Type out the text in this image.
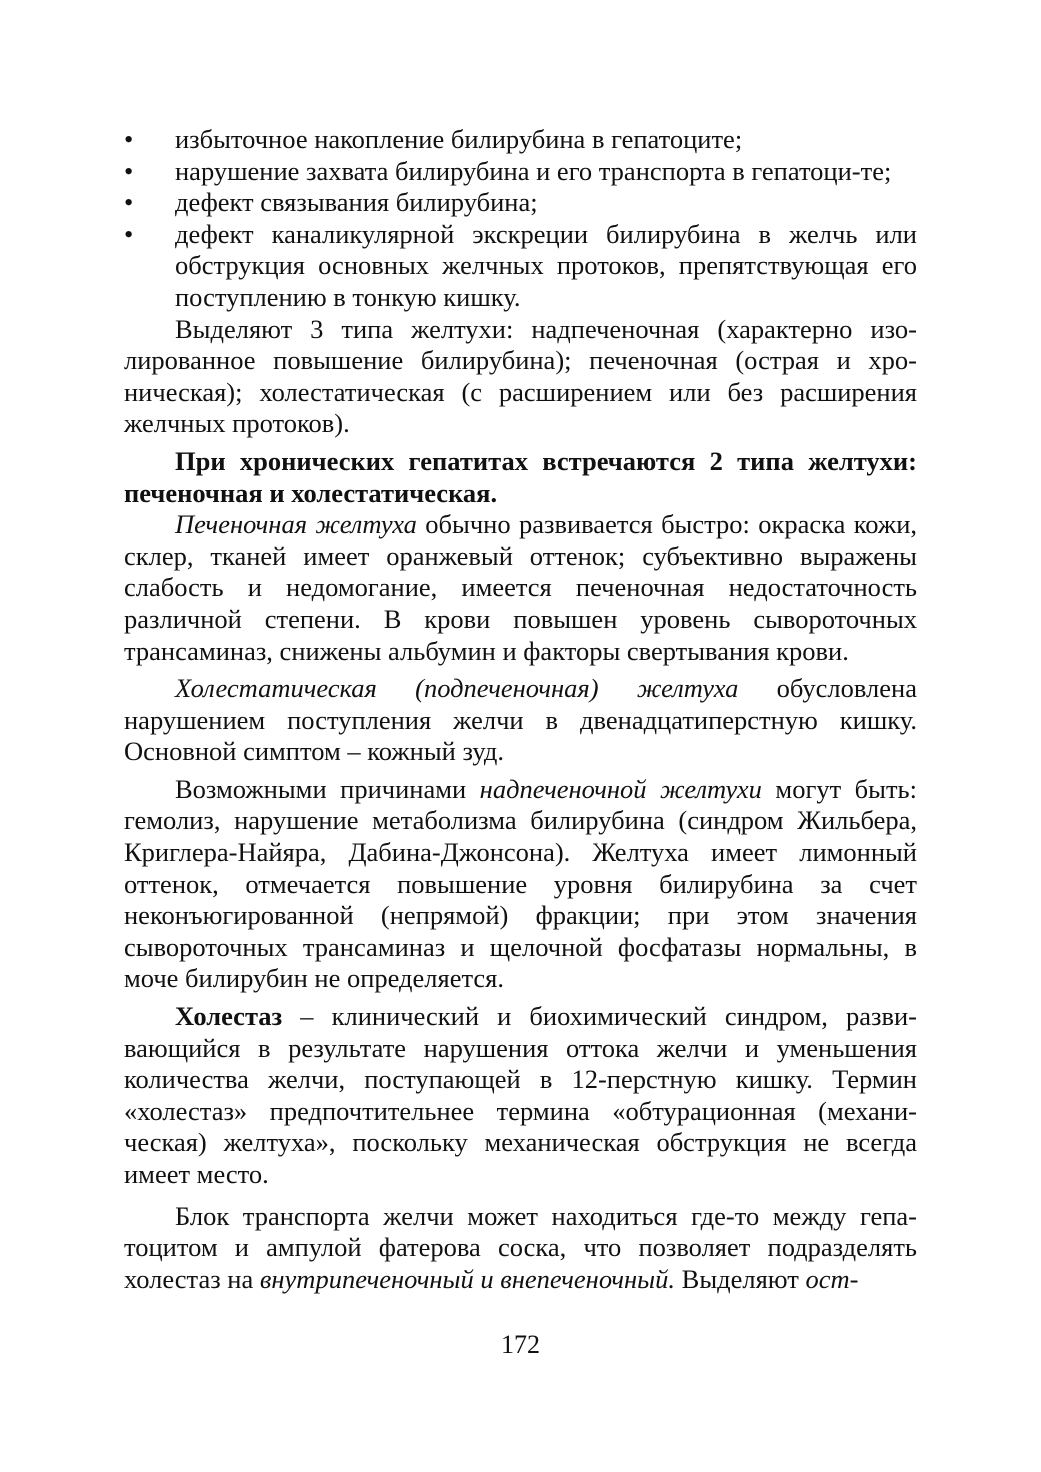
• избыточное накопление билирубина в гепатоците;
• нарушение захвата билирубина и его транспорта в гепатоци-те;
• дефект связывания билирубина;
• дефект каналикулярной экскреции билирубина в желчь или обструкция основных желчных протоков, препятствующая его поступлению в тонкую кишку.

Выделяют 3 типа желтухи: надпеченочная (характерно изолированное повышение билирубина); печеночная (острая и хроническая); холестатическая (с расширением или без расширения желчных протоков).

При хронических гепатитах встречаются 2 типа желтухи: печеночная и холестатическая.

Печеночная желтуха обычно развивается быстро: окраска кожи, склер, тканей имеет оранжевый оттенок; субъективно выражены слабость и недомогание, имеется печеночная недостаточность различной степени. В крови повышен уровень сывороточных трансаминаз, снижены альбумин и факторы свертывания крови.

Холестатическая (подпеченочная) желтуха обусловлена нарушением поступления желчи в двенадцатиперстную кишку. Основной симптом – кожный зуд.

Возможными причинами надпеченочной желтухи могут быть: гемолиз, нарушение метаболизма билирубина (синдром Жильбера, Криглера-Найяра, Дабина-Джонсона). Желтуха имеет лимонный оттенок, отмечается повышение уровня билирубина за счет неконъюгированной (непрямой) фракции; при этом значения сывороточных трансаминаз и щелочной фосфатазы нормальны, в моче билирубин не определяется.

Холестаз – клинический и биохимический синдром, развивающийся в результате нарушения оттока желчи и уменьшения количества желчи, поступающей в 12-перстную кишку. Термин «холестаз» предпочтительнее термина «обтурационная (механическая) желтуха», поскольку механическая обструкция не всегда имеет место.

Блок транспорта желчи может находиться где-то между гепатоцитом и ампулой фатерова соска, что позволяет подразделять холестаз на внутрипеченочный и внепеченочный. Выделяют ост-

172
